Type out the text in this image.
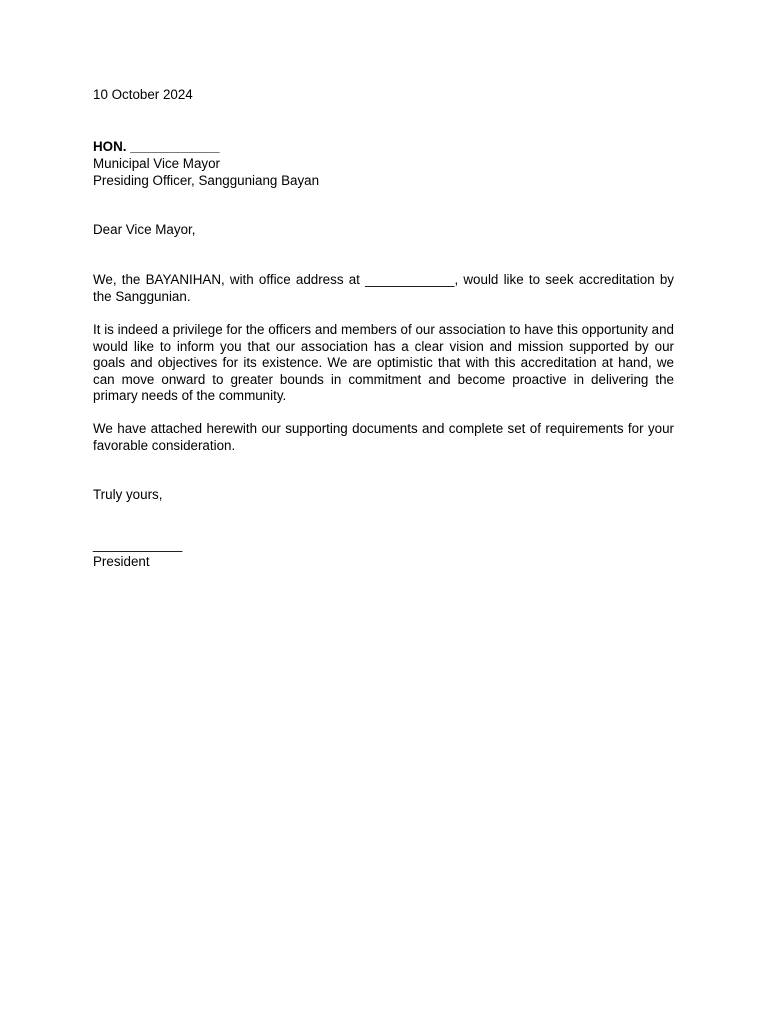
10 October 2024
HON. ____________
Municipal Vice Mayor
Presiding Officer, Sangguniang Bayan
Dear Vice Mayor,

We, the BAYANIHAN, with office address at ____________, would like to seek accreditation by the Sanggunian.

It is indeed a privilege for the officers and members of our association to have this opportunity and would like to inform you that our association has a clear vision and mission supported by our goals and objectives for its existence. We are optimistic that with this accreditation at hand, we can move onward to greater bounds in commitment and become proactive in delivering the primary needs of the community.

We have attached herewith our supporting documents and complete set of requirements for your favorable consideration.

Truly yours,
____________
President
